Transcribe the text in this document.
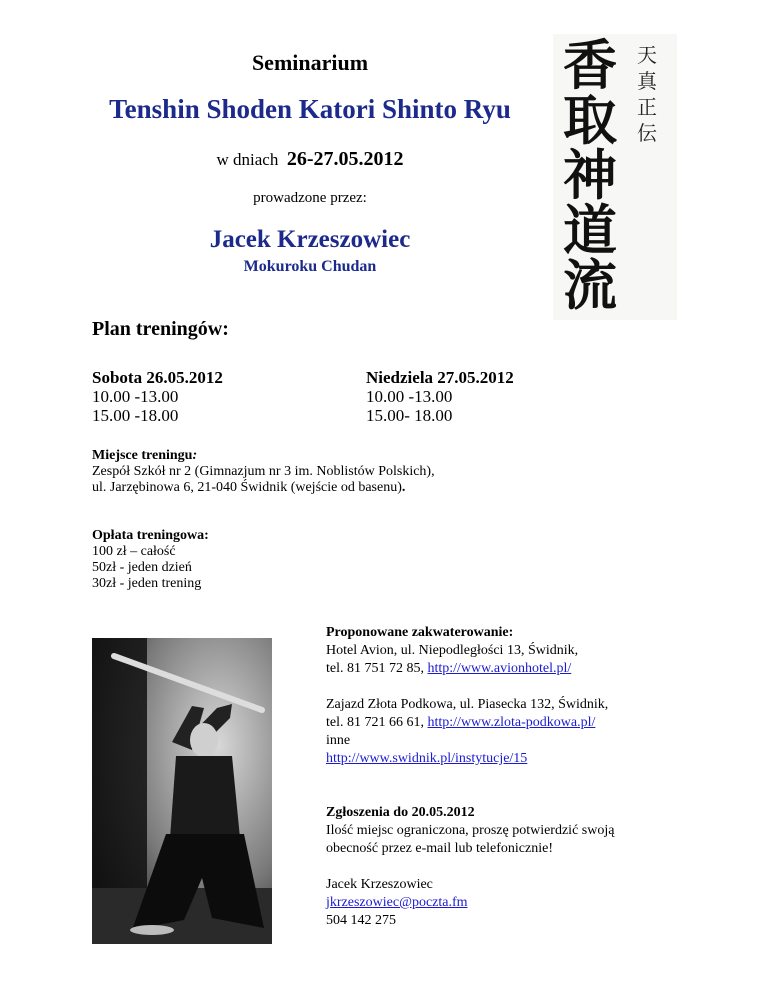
Seminarium
Tenshin Shoden Katori Shinto Ryu
w dniach 26-27.05.2012
prowadzone przez:
Jacek Krzeszowiec
Mokuroku Chudan
香
取
神
道
流
天
真
正
伝
Plan treningów:
Sobota 26.05.2012
10.00 -13.00
15.00 -18.00
Niedziela 27.05.2012
10.00 -13.00
15.00- 18.00
Miejsce treningu:
Zespół Szkół nr 2 (Gimnazjum nr 3 im. Noblistów Polskich),
ul. Jarzębinowa 6, 21-040 Świdnik (wejście od basenu).
Opłata treningowa:
100 zł – całość
50zł - jeden dzień
30zł - jeden trening
Proponowane zakwaterowanie:
Hotel Avion, ul. Niepodległości 13, Świdnik,
tel. 81 751 72 85, http://www.avionhotel.pl/
Zajazd Złota Podkowa, ul. Piasecka 132, Świdnik,
tel. 81 721 66 61, http://www.zlota-podkowa.pl/
inne
http://www.swidnik.pl/instytucje/15
Zgłoszenia do 20.05.2012
Ilość miejsc ograniczona, proszę potwierdzić swoją
obecność przez e-mail lub telefonicznie!
Jacek Krzeszowiec
jkrzeszowiec@poczta.fm
504 142 275
